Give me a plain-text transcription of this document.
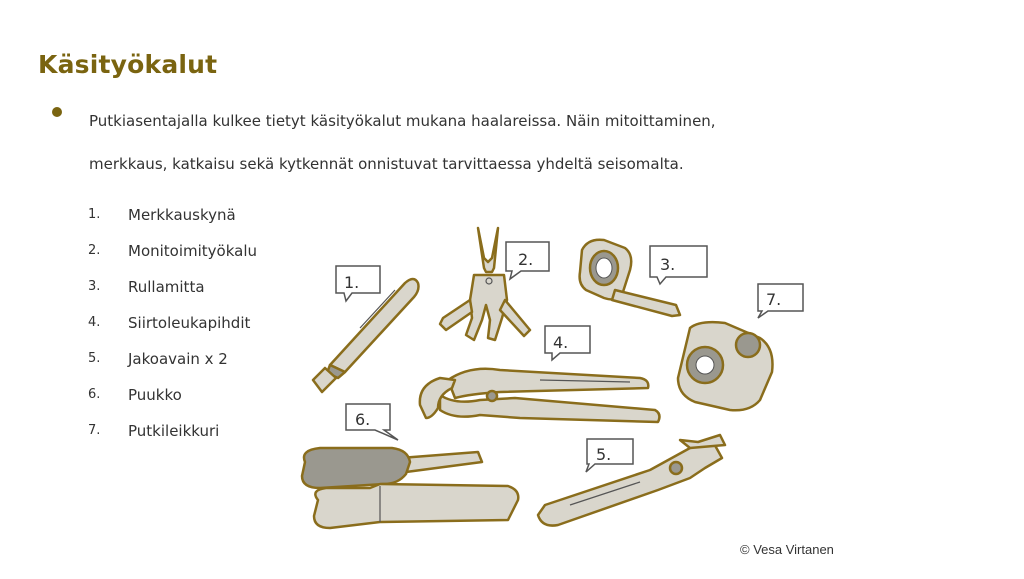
Käsityökalut
Putkiasentajalla kulkee tietyt käsityökalut mukana haalareissa. Näin mitoittaminen,
merkkaus, katkaisu sekä kytkennät onnistuvat tarvittaessa yhdeltä seisomalta.
1.	Merkkauskynä
2.	Monitoimityökalu
3.	Rullamitta
4.	Siirtoleukapihdit
5.	Jakoavain x 2
6.	Puukko
7.	Putkileikkuri
1.
2.	3.
4.
5.
6.
7.
© Vesa Virtanen
